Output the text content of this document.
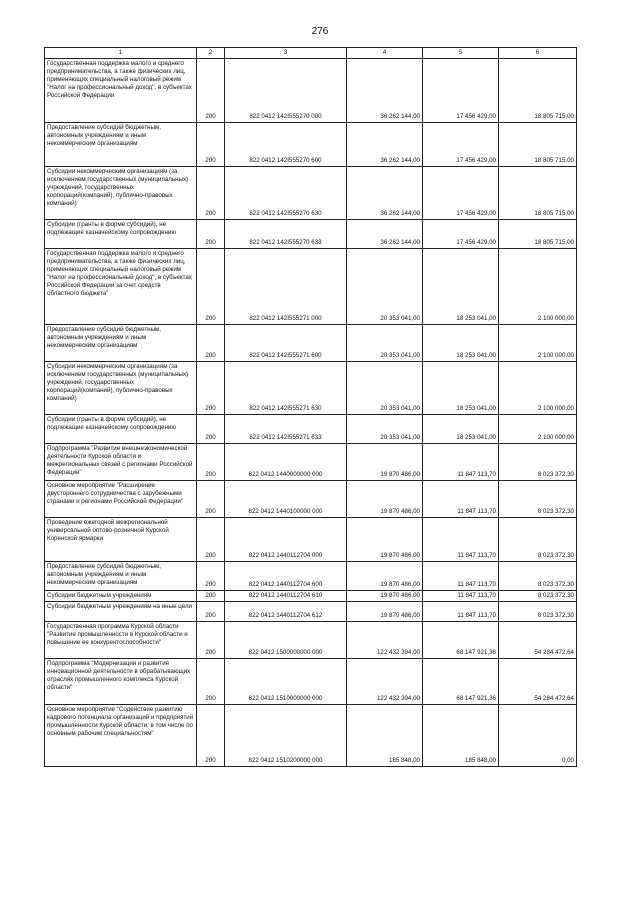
276
1	2	3	4	5	6
Государственная поддержка малого и среднего предпринимательства, а также физических лиц, применяющих специальный налоговый режим "Налог на профессиональный доход", в субъектах Российской Федерации	200	822 0412 142I555270 000	36 262 144,00	17 456 429,00	18 805 715,00
Предоставление субсидий бюджетным, автономным учреждениям и иным некоммерческим организациям	200	822 0412 142I555270 600	36 262 144,00	17 456 429,00	18 805 715,00
Субсидии некоммерческим организациям (за исключением государственных (муниципальных) учреждений, государственных корпораций(компаний), публично-правовых компаний)	200	822 0412 142I555270 630	36 262 144,00	17 456 429,00	18 805 715,00
Субсидии (гранты в форме субсидий), не подлежащие казначейскому сопровождению	200	822 0412 142I555270 633	36 262 144,00	17 456 429,00	18 805 715,00
Государственная поддержка малого и среднего предпринимательства, а также физических лиц, применяющих специальный налоговый режим "Налог на профессиональный доход", в субъектах Российской Федерации за счет средств областного бюджета"	200	822 0412 142I555271 000	20 353 041,00	18 253 041,00	2 100 000,00
Предоставление субсидий бюджетным, автономным учреждениям и иным некоммерческим организациям	200	822 0412 142I555271 600	20 353 041,00	18 253 041,00	2 100 000,00
Субсидии некоммерческим организациям (за исключением государственных (муниципальных) учреждений, государственных корпораций(компаний), публично-правовых компаний)	200	822 0412 142I555271 630	20 353 041,00	18 253 041,00	2 100 000,00
Субсидии (гранты в форме субсидий), не подлежащие казначейскому сопровождению	200	822 0412 142I555271 633	20 353 041,00	18 253 041,00	2 100 000,00
Подпрограмма "Развитие внешнеэкономической деятельности Курской области и межрегиональных связей с регионами Российской Федерации"	200	822 0412 1440000000 000	19 870 486,00	11 847 113,70	8 023 372,30
Основное мероприятие "Расширение двустороннего сотрудничества с зарубежными странами и регионами Российской Федерации"	200	822 0412 1440100000 000	19 870 486,00	11 847 113,70	8 023 372,30
Проведение ежегодной межрегиональной универсальной оптово-розничной Курской Коренской ярмарки	200	822 0412 1440112704 000	19 870 486,00	11 847 113,70	8 023 372,30
Предоставление субсидий бюджетным, автономным учреждениям и иным некоммерческим организациям	200	822 0412 1440112704 600	19 870 486,00	11 847 113,70	8 023 372,30
Субсидии бюджетным учреждениям	200	822 0412 1440112704 610	19 870 486,00	11 847 113,70	8 023 372,30
Субсидии бюджетным учреждениям на иные цели	200	822 0412 1440112704 612	19 870 486,00	11 847 113,70	8 023 372,30
Государственная программа Курской области "Развитие промышленности в Курской области и повышение ее конкурентоспособности"	200	822 0412 1500000000 000	122 432 394,00	68 147 921,36	54 284 472,64
Подпрограмма "Модернизация и развитие инновационной деятельности в обрабатывающих отраслях промышленного комплекса Курской области"	200	822 0412 1510000000 000	122 432 394,00	68 147 921,36	54 284 472,64
Основное мероприятие "Содействие развитию кадрового потенциала организаций и предприятий промышленности Курской области, в том числе по основным рабочим специальностям"	200	822 0412 1510200000 000	185 848,00	185 848,00	0,00
